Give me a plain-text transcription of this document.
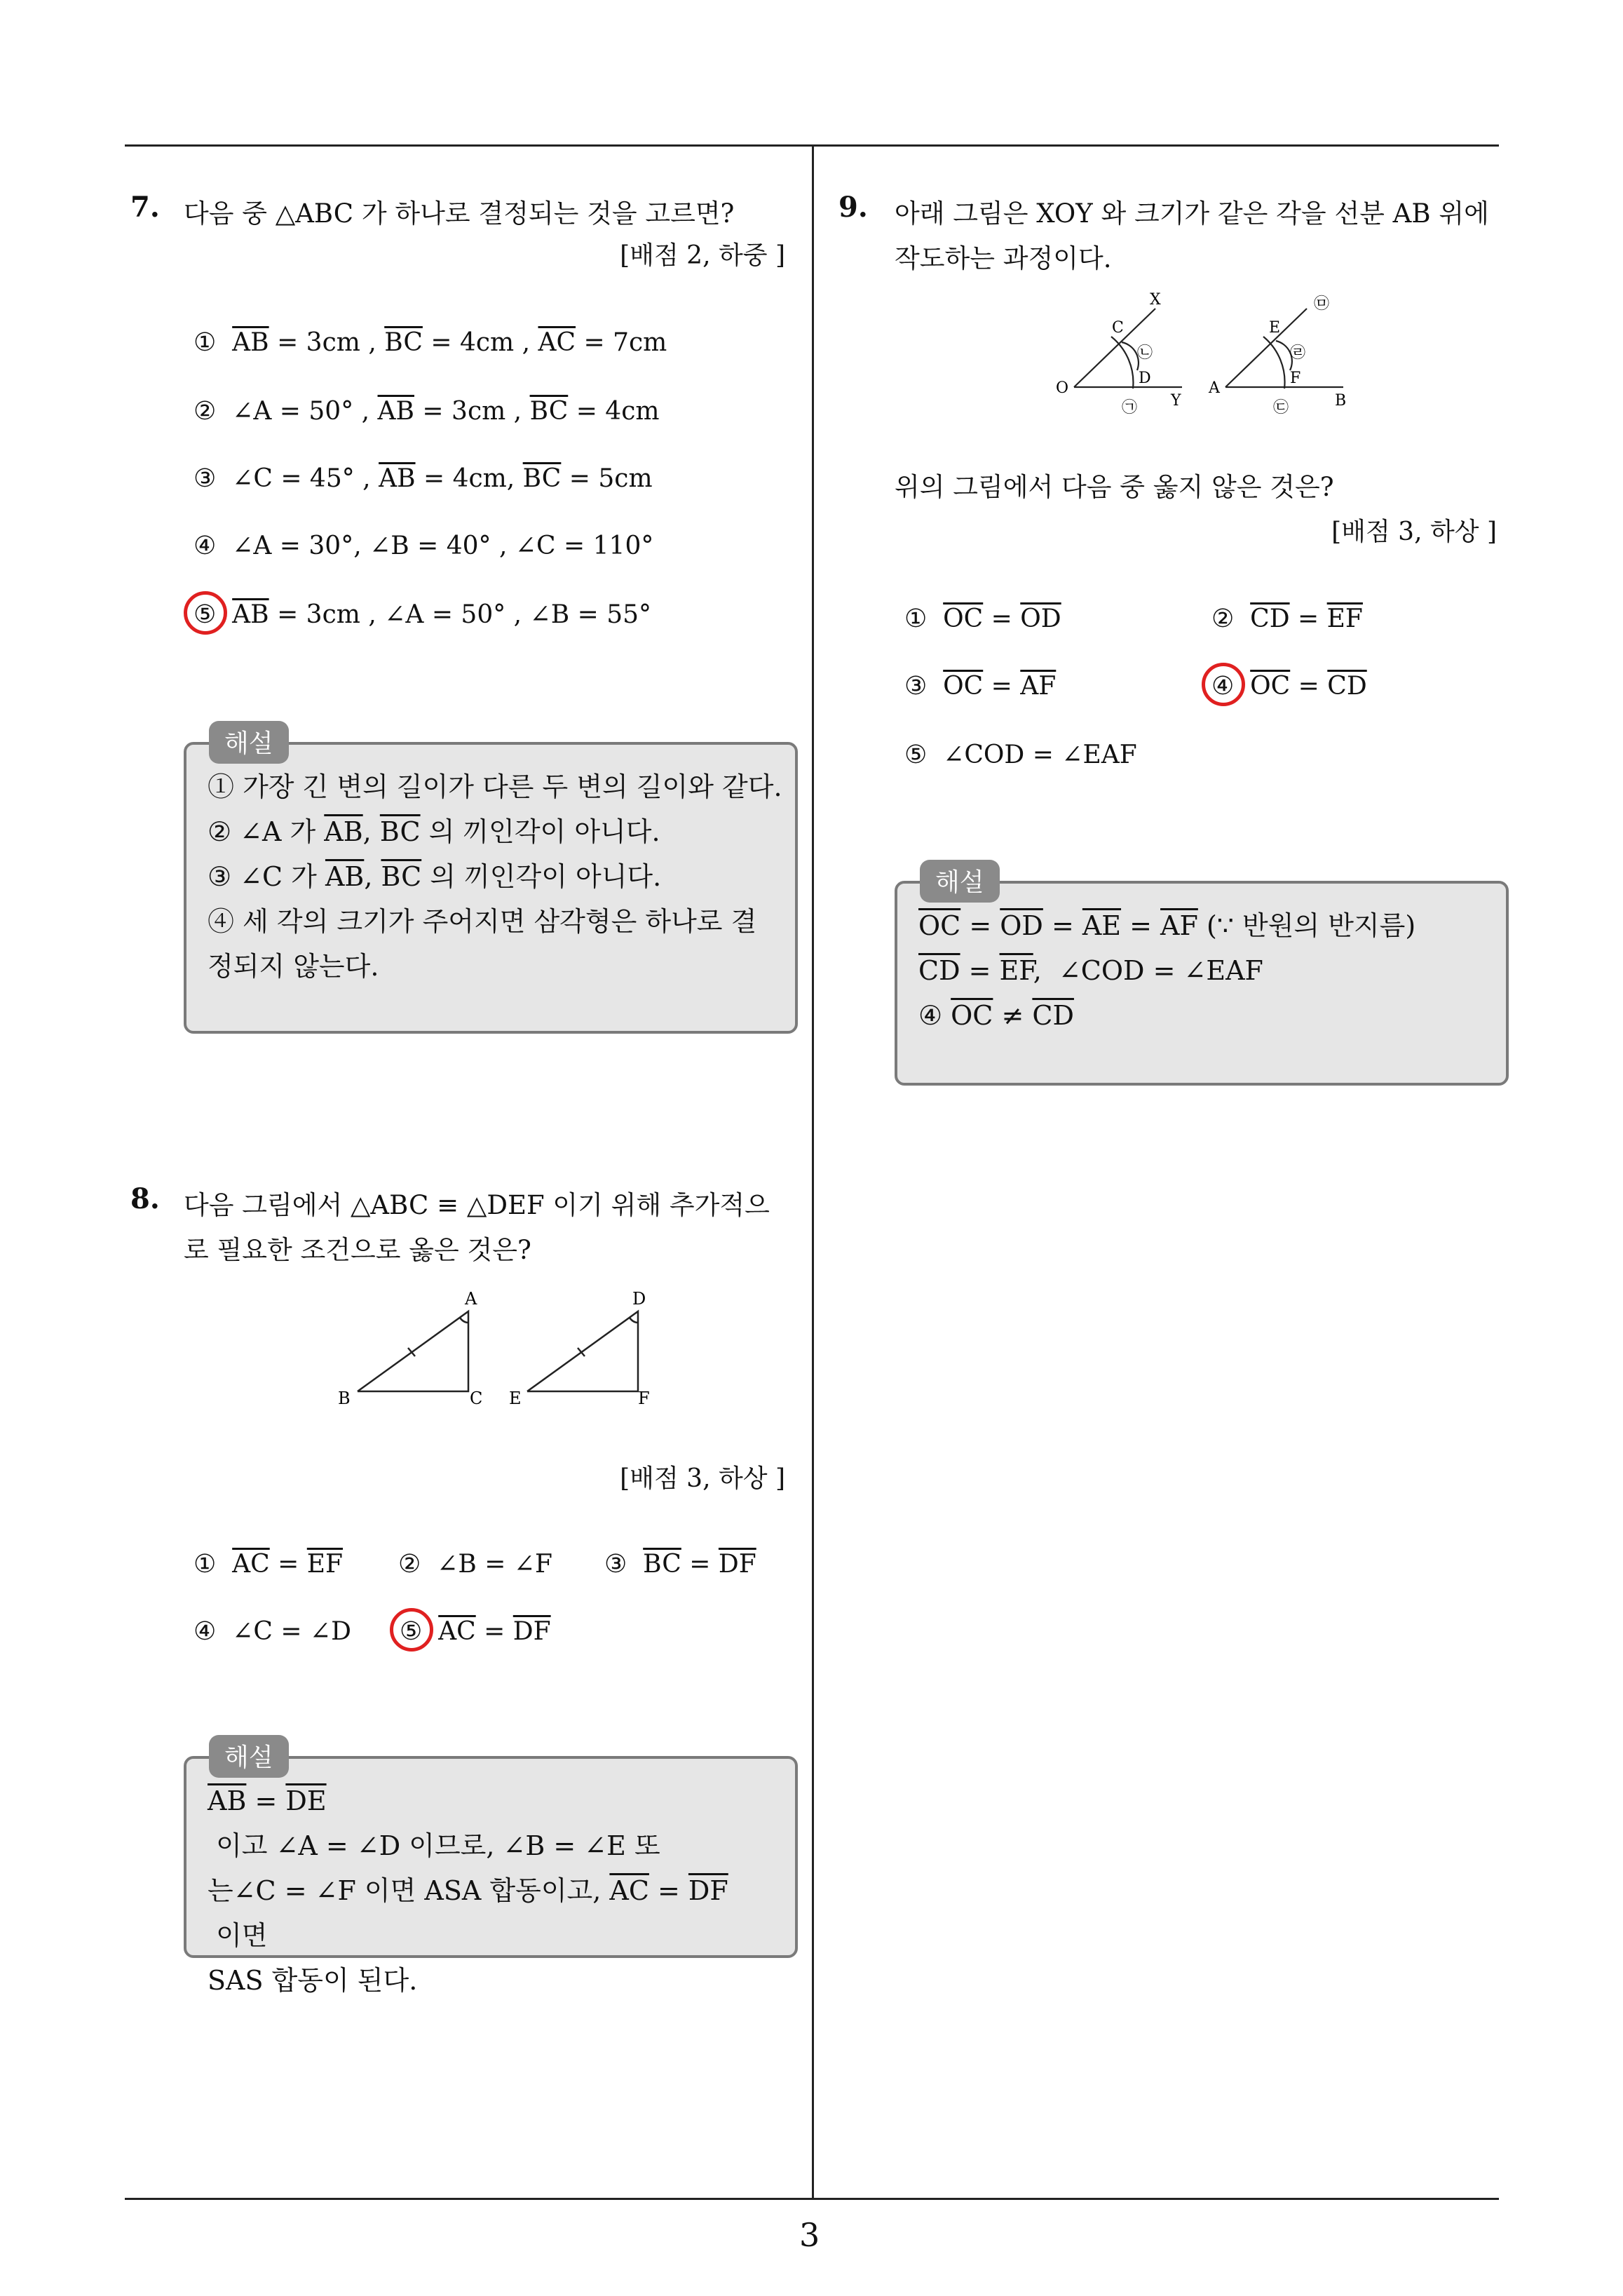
3
7. 다음 중 △ABC 가 하나로 결정되는 것을 고르면?
[배점 2, 하중 ]
①  $\overline{AB} = 3cm$ , $\overline{BC} = 4cm$ , $\overline{AC} = 7cm$
②  ∠A = 50° , $\overline{AB} = 3cm$ , $\overline{BC} = 4cm$
③  ∠C = 45° , $\overline{AB} = 4cm$, $\overline{BC} = 5cm$
④  ∠A = 30°, ∠B = 40° , ∠C = 110°
⑤  $\overline{AB} = 3cm$ , ∠A = 50° , ∠B = 55°
① 가장 긴 변의 길이가 다른 두 변의 길이와 같다.
② ∠A 가 $\overline{AB}$, $\overline{BC}$ 의 끼인각이 아니다.
③ ∠C 가 $\overline{AB}$, $\overline{BC}$ 의 끼인각이 아니다.
④ 세 각의 크기가 주어지면 삼각형은 하나로 결
정되지 않는다.
해설
8. 다음 그림에서 △ABC ≡ △DEF 이기 위해 추가적으
로 필요한 조건으로 옳은 것은?
A
B	C
D
E	F
[배점 3, 하상 ]
①  $\overline{AC} = \overline{EF}$ ②  ∠B = ∠F ③  $\overline{BC} = \overline{DF}$
④  ∠C = ∠D ⑤  $\overline{AC} = \overline{DF}$
$\overline{AB} = \overline{DE}$ 이고 ∠A = ∠D 이므로, ∠B = ∠E 또
는∠C = ∠F 이면 ASA 합동이고, $\overline{AC} = \overline{DF}$ 이면
SAS 합동이 된다.
해설
9. 아래 그림은 XOY 와 크기가 같은 각을 선분 AB 위에
작도하는 과정이다.
X
O
Y
C
D
A
B
E
F
㉠
㉡
㉢
㉣
㉤
위의 그림에서 다음 중 옳지 않은 것은?
[배점 3, 하상 ]
①  $\overline{OC} = \overline{OD}$	②  $\overline{CD} = \overline{EF}$
③  $\overline{OC} = \overline{AF}$	④  $\overline{OC} = \overline{CD}$
⑤  ∠COD = ∠EAF
$\overline{OC} = \overline{OD} = \overline{AE} = \overline{AF}$ (∵ 반원의 반지름)
$\overline{CD} = \overline{EF}$,  ∠COD = ∠EAF
④ $\overline{OC} \ne \overline{CD}$
해설
